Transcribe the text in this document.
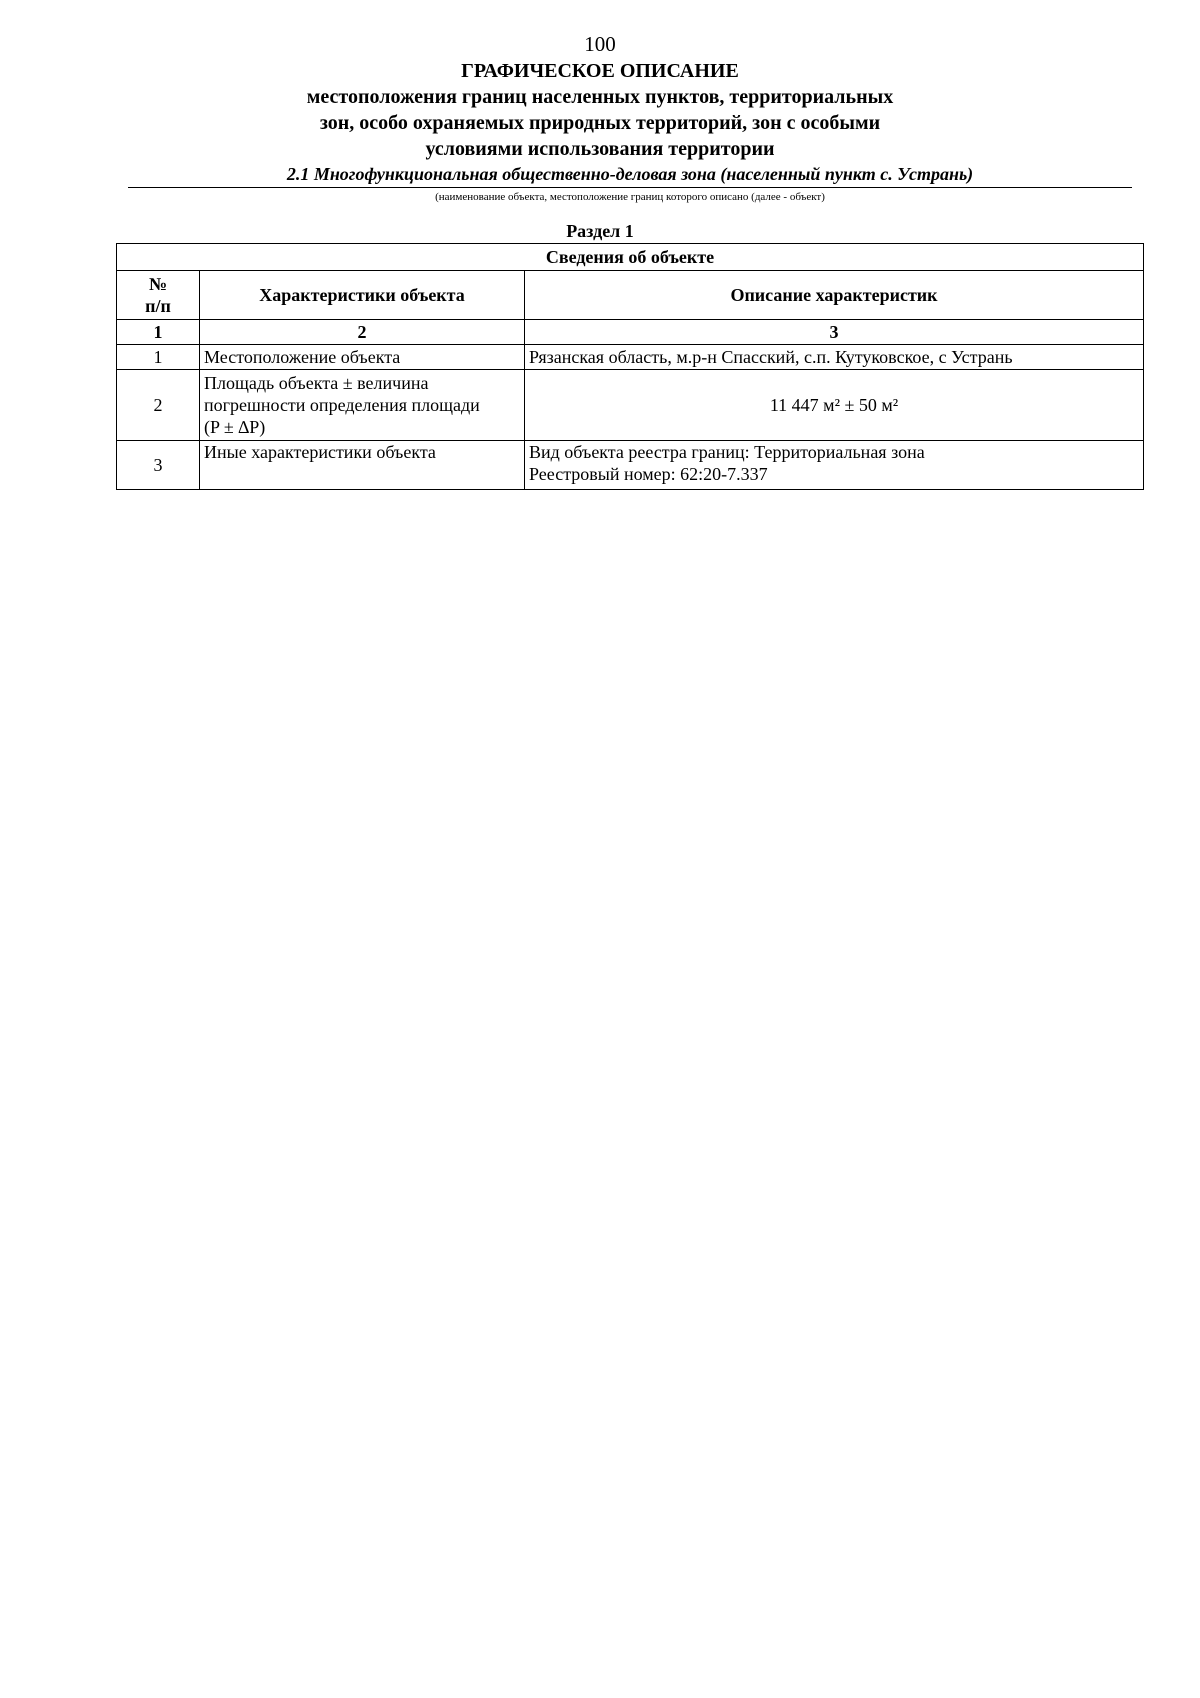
100
ГРАФИЧЕСКОЕ ОПИСАНИЕ
местоположения границ населенных пунктов, территориальных
зон, особо охраняемых природных территорий, зон с особыми
условиями использования территории
2.1 Многофункциональная общественно-деловая зона (населенный пункт с. Устрань)
(наименование объекта, местоположение границ которого описано (далее - объект)
Раздел 1
Сведения об объекте		

№
п/п	Характеристики объекта	Описание характеристик
1	2	3
1	Местоположение объекта	Рязанская область, м.р-н Спасский, с.п. Кутуковское, с Устрань
2	Площадь объекта ± величина
погрешности определения площади
(P ± ∆P)	11 447 м² ± 50 м²
3	Иные характеристики объекта	Вид объекта реестра границ: Территориальная зона
Реестровый номер: 62:20-7.337
